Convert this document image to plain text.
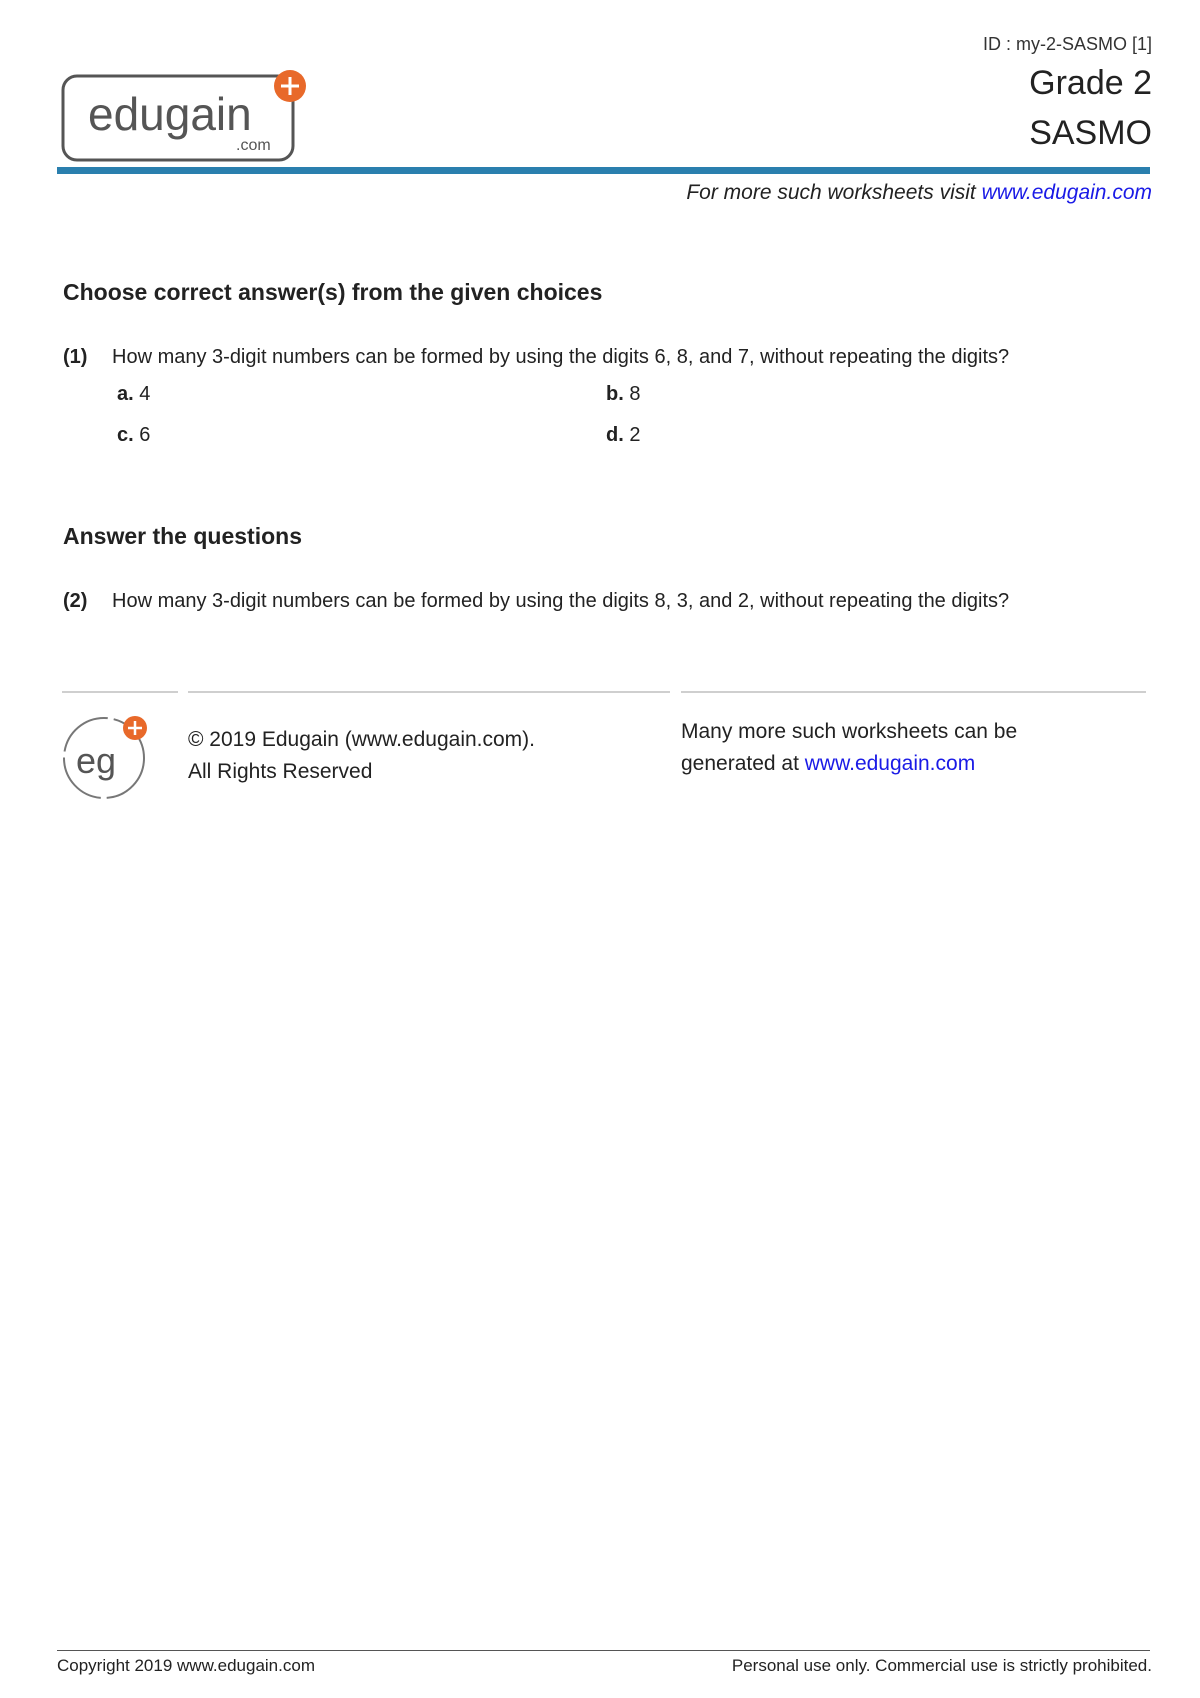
edugain
.com
ID : my-2-SASMO [1]
Grade 2
SASMO
For more such worksheets visit www.edugain.com
Choose correct answer(s) from the given choices
(1) How many 3-digit numbers can be formed by using the digits 6, 8, and 7, without repeating the digits?
a. 4	b. 8
c. 6	d. 2
Answer the questions
(2) How many 3-digit numbers can be formed by using the digits 8, 3, and 2, without repeating the digits?
eg
© 2019 Edugain (www.edugain.com).
All Rights Reserved
Many more such worksheets can be
generated at www.edugain.com
Copyright 2019 www.edugain.com	Personal use only. Commercial use is strictly prohibited.
